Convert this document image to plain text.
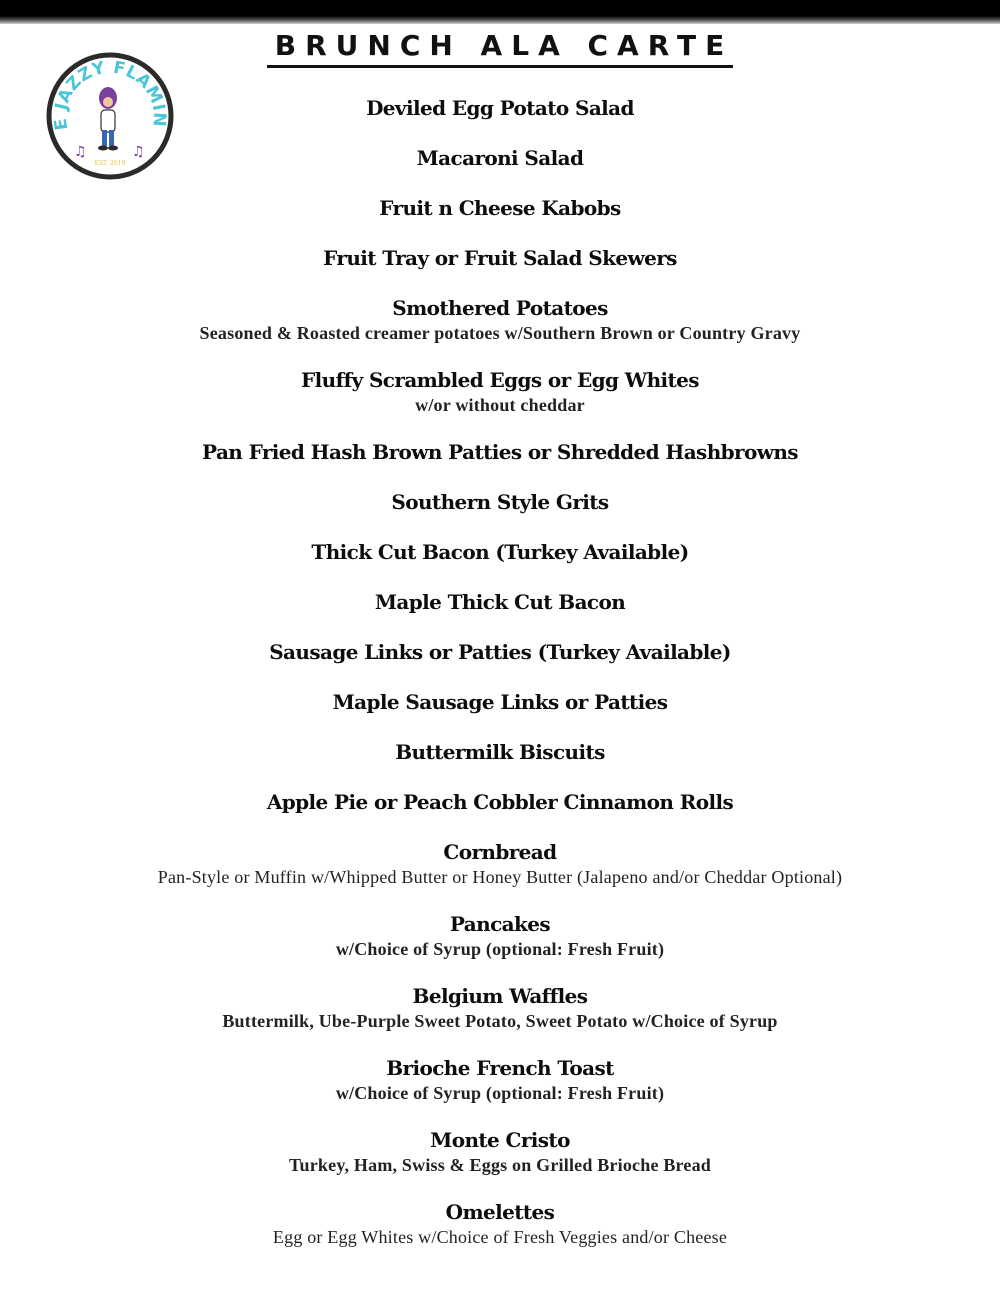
BRUNCH ALA CARTE
E JAZZY FLAMIN
♫	♫
EST. 2019
Deviled Egg Potato Salad
Macaroni Salad
Fruit n Cheese Kabobs
Fruit Tray or Fruit Salad Skewers
Smothered Potatoes
Seasoned & Roasted creamer potatoes w/Southern Brown or Country Gravy
Fluffy Scrambled Eggs or Egg Whites
w/or without cheddar
Pan Fried Hash Brown Patties or Shredded Hashbrowns
Southern Style Grits
Thick Cut Bacon (Turkey Available)
Maple Thick Cut Bacon
Sausage Links or Patties (Turkey Available)
Maple Sausage Links or Patties
Buttermilk Biscuits
Apple Pie or Peach Cobbler Cinnamon Rolls
Cornbread
Pan-Style or Muffin w/Whipped Butter or Honey Butter (Jalapeno and/or Cheddar Optional)
Pancakes
w/Choice of Syrup (optional: Fresh Fruit)
Belgium Waffles
Buttermilk, Ube-Purple Sweet Potato, Sweet Potato w/Choice of Syrup
Brioche French Toast
w/Choice of Syrup (optional: Fresh Fruit)
Monte Cristo
Turkey, Ham, Swiss & Eggs on Grilled Brioche Bread
Omelettes
Egg or Egg Whites w/Choice of Fresh Veggies and/or Cheese
